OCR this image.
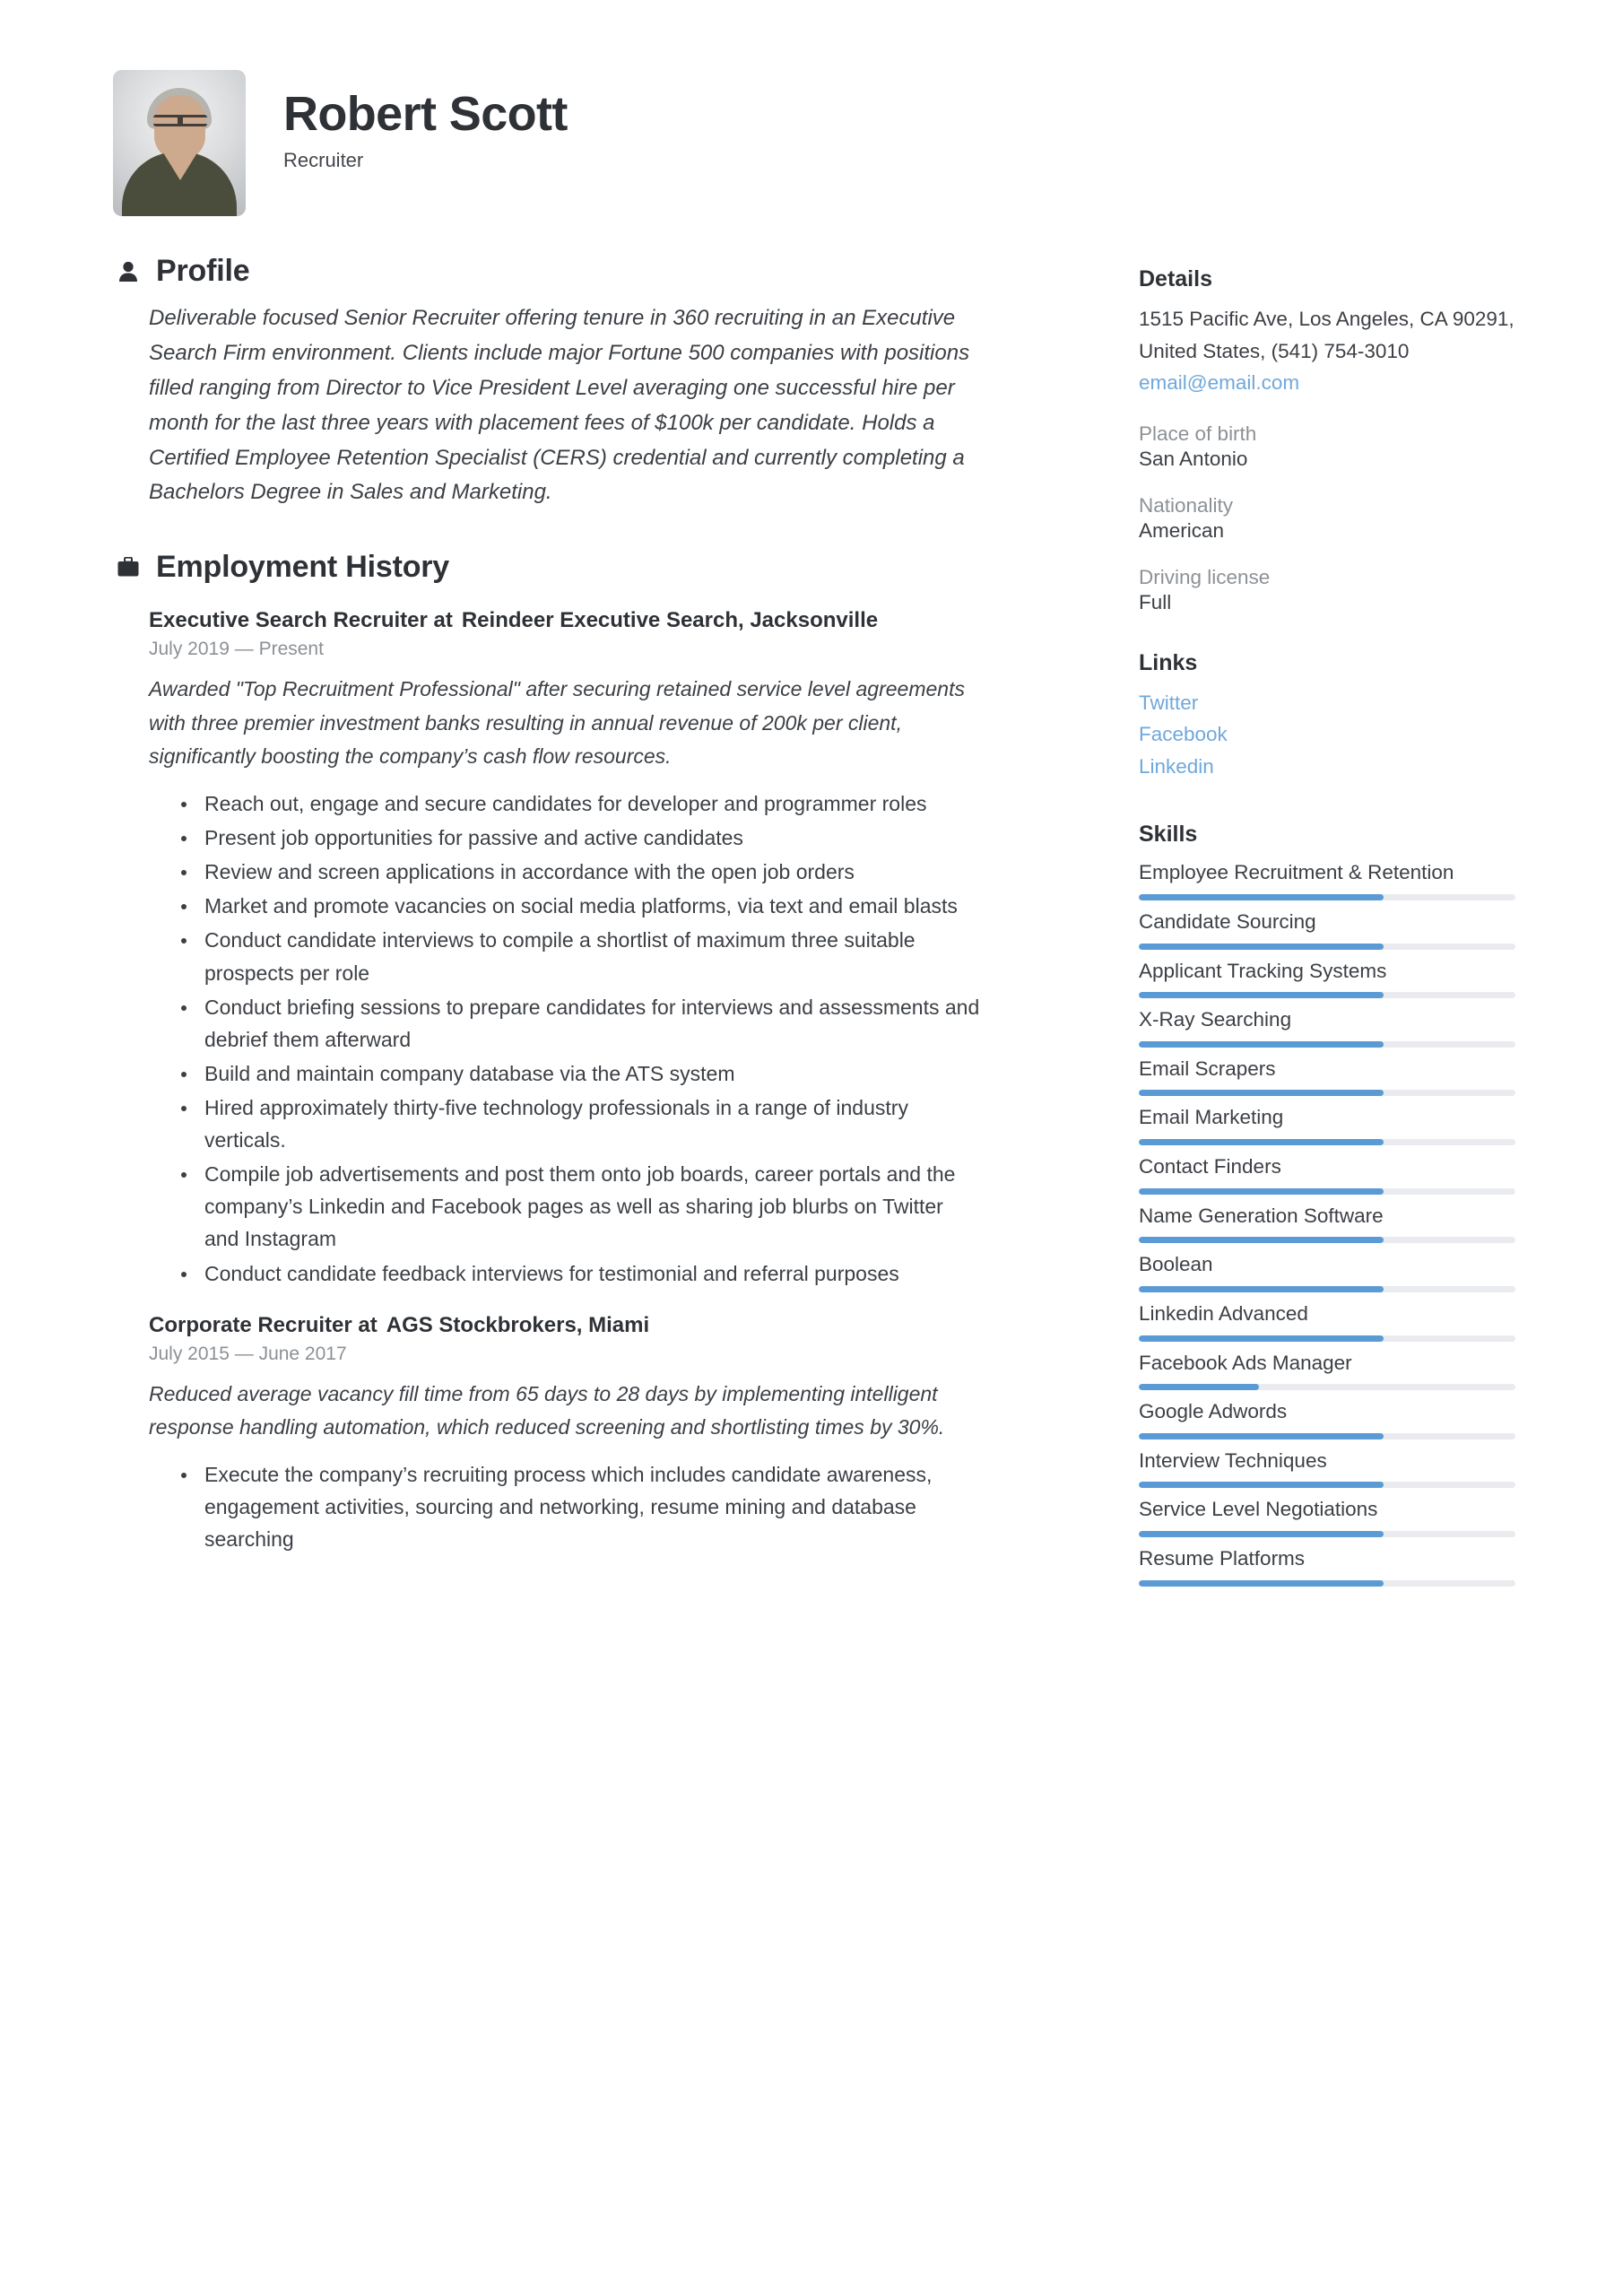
Robert Scott
Recruiter
Profile
Deliverable focused Senior Recruiter offering tenure in 360 recruiting in an Executive Search Firm environment. Clients include major Fortune 500 companies with positions filled ranging from Director to Vice President Level averaging one successful hire per month for the last three years with placement fees of $100k per candidate. Holds a Certified Employee Retention Specialist (CERS) credential and currently completing a Bachelors Degree in Sales and Marketing.
Employment History
Executive Search Recruiter at Reindeer Executive Search, Jacksonville
July 2019 — Present
Awarded "Top Recruitment Professional" after securing retained service level agreements with three premier investment banks resulting in annual revenue of 200k per client, significantly boosting the company’s cash flow resources.
Reach out, engage and secure candidates for developer and programmer roles
Present job opportunities for passive and active candidates
Review and screen applications in accordance with the open job orders
Market and promote vacancies on social media platforms, via text and email blasts
Conduct candidate interviews to compile a shortlist of maximum three suitable prospects per role
Conduct briefing sessions to prepare candidates for interviews and assessments and debrief them afterward
Build and maintain company database via the ATS system
Hired approximately thirty-five technology professionals in a range of industry verticals.
Compile job advertisements and post them onto job boards, career portals and the company’s Linkedin and Facebook pages as well as sharing job blurbs on Twitter and Instagram
Conduct candidate feedback interviews for testimonial and referral purposes
Corporate Recruiter at AGS Stockbrokers, Miami
July 2015 — June 2017
Reduced average vacancy fill time from 65 days to 28 days by implementing intelligent response handling automation, which reduced screening and shortlisting times by 30%.
Execute the company’s recruiting process which includes candidate awareness, engagement activities, sourcing and networking, resume mining and database searching
Details
1515 Pacific Ave, Los Angeles, CA 90291, United States, (541) 754-3010
email@email.com
Place of birth
San Antonio
Nationality
American
Driving license
Full
Links
Twitter
Facebook
Linkedin
Skills
Employee Recruitment & Retention
Candidate Sourcing
Applicant Tracking Systems
X-Ray Searching
Email Scrapers
Email Marketing
Contact Finders
Name Generation Software
Boolean
Linkedin Advanced
Facebook Ads Manager
Google Adwords
Interview Techniques
Service Level Negotiations
Resume Platforms
